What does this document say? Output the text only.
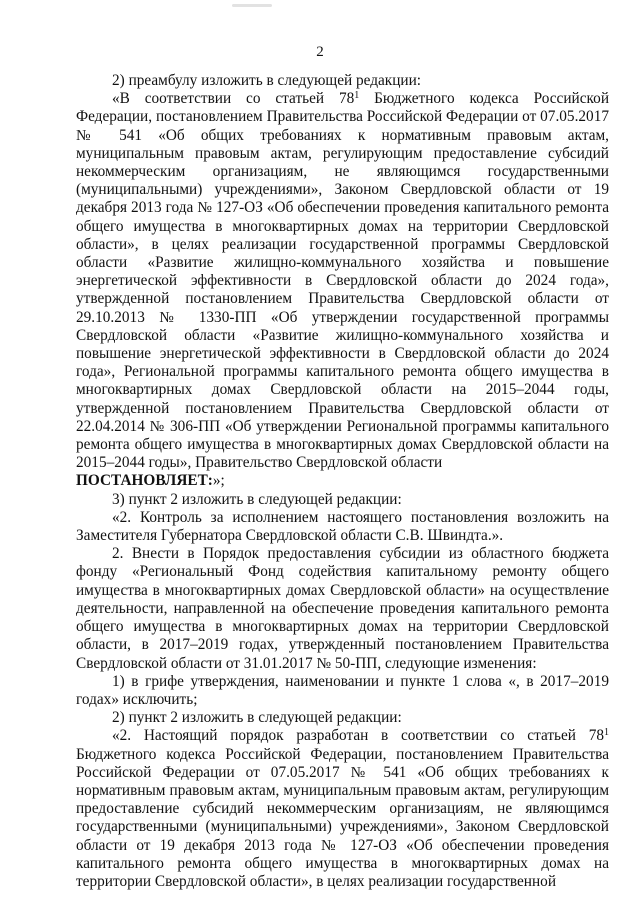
2

2) преамбулу изложить в следующей редакции:

«В соответствии со статьей $78^1$ Бюджетного кодекса Российской Федерации, постановлением Правительства Российской Федерации от 07.05.2017 № 541 «Об общих требованиях к нормативным правовым актам, муниципальным правовым актам, регулирующим предоставление субсидий некоммерческим организациям, не являющимся государственными (муниципальными) учреждениями», Законом Свердловской области от 19 декабря 2013 года № 127-ОЗ «Об обеспечении проведения капитального ремонта общего имущества в многоквартирных домах на территории Свердловской области», в целях реализации государственной программы Свердловской области «Развитие жилищно-коммунального хозяйства и повышение энергетической эффективности в Свердловской области до 2024 года», утвержденной постановлением Правительства Свердловской области от 29.10.2013 № 1330-ПП «Об утверждении государственной программы Свердловской области «Развитие жилищно-коммунального хозяйства и повышение энергетической эффективности в Свердловской области до 2024 года», Региональной программы капитального ремонта общего имущества в многоквартирных домах Свердловской области на 2015–2044 годы, утвержденной постановлением Правительства Свердловской области от 22.04.2014 № 306-ПП «Об утверждении Региональной программы капитального ремонта общего имущества в многоквартирных домах Свердловской области на 2015–2044 годы», Правительство Свердловской области

ПОСТАНОВЛЯЕТ:»;

3) пункт 2 изложить в следующей редакции:

«2. Контроль за исполнением настоящего постановления возложить на Заместителя Губернатора Свердловской области С.В. Швиндта.».

2. Внести в Порядок предоставления субсидии из областного бюджета фонду «Региональный Фонд содействия капитальному ремонту общего имущества в многоквартирных домах Свердловской области» на осуществление деятельности, направленной на обеспечение проведения капитального ремонта общего имущества в многоквартирных домах на территории Свердловской области, в 2017–2019 годах, утвержденный постановлением Правительства Свердловской области от 31.01.2017 № 50-ПП, следующие изменения:

1) в грифе утверждения, наименовании и пункте 1 слова «, в 2017–2019 годах» исключить;

2) пункт 2 изложить в следующей редакции:

«2. Настоящий порядок разработан в соответствии со статьей $78^1$ Бюджетного кодекса Российской Федерации, постановлением Правительства Российской Федерации от 07.05.2017 № 541 «Об общих требованиях к нормативным правовым актам, муниципальным правовым актам, регулирующим предоставление субсидий некоммерческим организациям, не являющимся государственными (муниципальными) учреждениями», Законом Свердловской области от 19 декабря 2013 года № 127-ОЗ «Об обеспечении проведения капитального ремонта общего имущества в многоквартирных домах на территории Свердловской области», в целях реализации государственной
